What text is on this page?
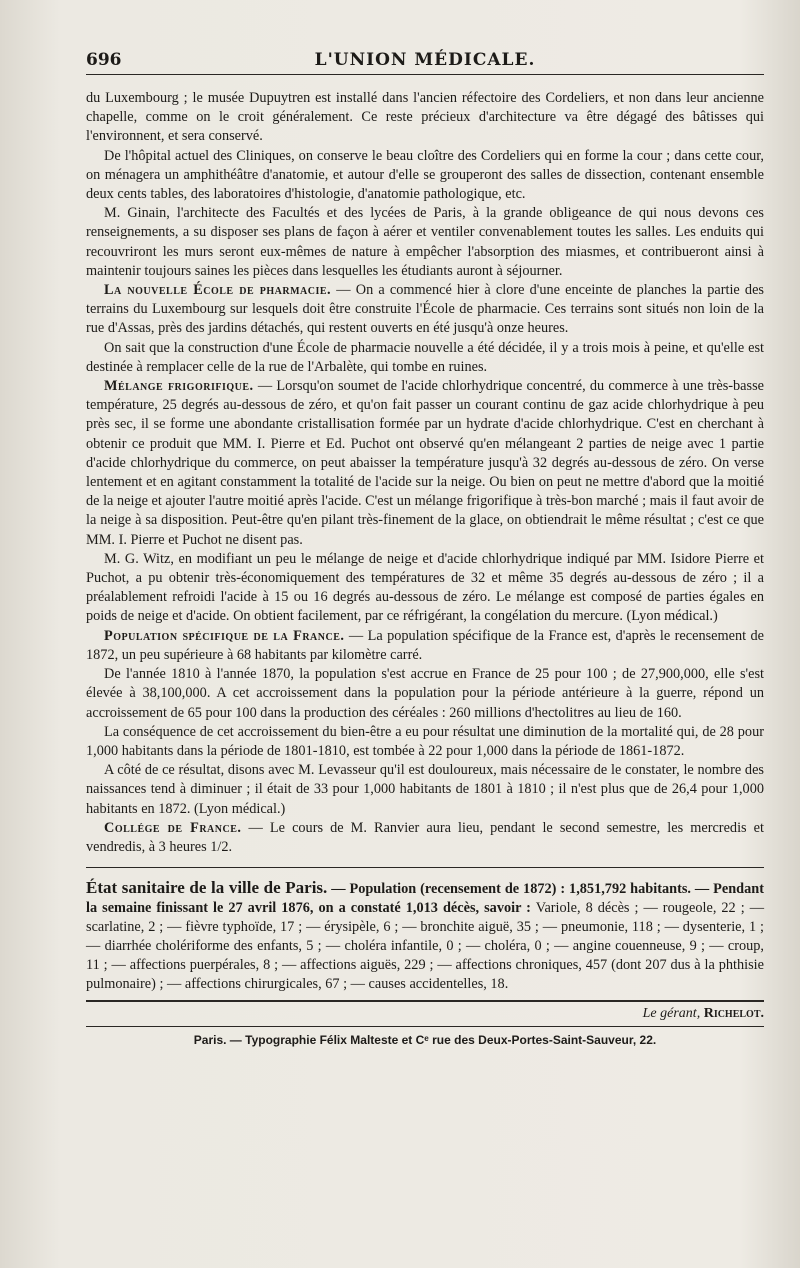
696	L'UNION MÉDICALE.

du Luxembourg ; le musée Dupuytren est installé dans l'ancien réfectoire des Cordeliers, et non dans leur ancienne chapelle, comme on le croit généralement. Ce reste précieux d'architecture va être dégagé des bâtisses qui l'environnent, et sera conservé.

De l'hôpital actuel des Cliniques, on conserve le beau cloître des Cordeliers qui en forme la cour ; dans cette cour, on ménagera un amphithéâtre d'anatomie, et autour d'elle se grouperont des salles de dissection, contenant ensemble deux cents tables, des laboratoires d'histologie, d'anatomie pathologique, etc.

M. Ginain, l'architecte des Facultés et des lycées de Paris, à la grande obligeance de qui nous devons ces renseignements, a su disposer ses plans de façon à aérer et ventiler convenablement toutes les salles. Les enduits qui recouvriront les murs seront eux-mêmes de nature à empêcher l'absorption des miasmes, et contribueront ainsi à maintenir toujours saines les pièces dans lesquelles les étudiants auront à séjourner.

La nouvelle École de pharmacie. — On a commencé hier à clore d'une enceinte de planches la partie des terrains du Luxembourg sur lesquels doit être construite l'École de pharmacie. Ces terrains sont situés non loin de la rue d'Assas, près des jardins détachés, qui restent ouverts en été jusqu'à onze heures.

On sait que la construction d'une École de pharmacie nouvelle a été décidée, il y a trois mois à peine, et qu'elle est destinée à remplacer celle de la rue de l'Arbalète, qui tombe en ruines.

Mélange frigorifique. — Lorsqu'on soumet de l'acide chlorhydrique concentré, du commerce à une très-basse température, 25 degrés au-dessous de zéro, et qu'on fait passer un courant continu de gaz acide chlorhydrique à peu près sec, il se forme une abondante cristallisation formée par un hydrate d'acide chlorhydrique. C'est en cherchant à obtenir ce produit que MM. I. Pierre et Ed. Puchot ont observé qu'en mélangeant 2 parties de neige avec 1 partie d'acide chlorhydrique du commerce, on peut abaisser la température jusqu'à 32 degrés au-dessous de zéro. On verse lentement et en agitant constamment la totalité de l'acide sur la neige. Ou bien on peut ne mettre d'abord que la moitié de la neige et ajouter l'autre moitié après l'acide. C'est un mélange frigorifique à très-bon marché ; mais il faut avoir de la neige à sa disposition. Peut-être qu'en pilant très-finement de la glace, on obtiendrait le même résultat ; c'est ce que MM. I. Pierre et Puchot ne disent pas.

M. G. Witz, en modifiant un peu le mélange de neige et d'acide chlorhydrique indiqué par MM. Isidore Pierre et Puchot, a pu obtenir très-économiquement des températures de 32 et même 35 degrés au-dessous de zéro ; il a préalablement refroidi l'acide à 15 ou 16 degrés au-dessous de zéro. Le mélange est composé de parties égales en poids de neige et d'acide. On obtient facilement, par ce réfrigérant, la congélation du mercure. (Lyon médical.)

Population spécifique de la France. — La population spécifique de la France est, d'après le recensement de 1872, un peu supérieure à 68 habitants par kilomètre carré.

De l'année 1810 à l'année 1870, la population s'est accrue en France de 25 pour 100 ; de 27,900,000, elle s'est élevée à 38,100,000. A cet accroissement dans la population pour la période antérieure à la guerre, répond un accroissement de 65 pour 100 dans la production des céréales : 260 millions d'hectolitres au lieu de 160.

La conséquence de cet accroissement du bien-être a eu pour résultat une diminution de la mortalité qui, de 28 pour 1,000 habitants dans la période de 1801-1810, est tombée à 22 pour 1,000 dans la période de 1861-1872.

A côté de ce résultat, disons avec M. Levasseur qu'il est douloureux, mais nécessaire de le constater, le nombre des naissances tend à diminuer ; il était de 33 pour 1,000 habitants de 1801 à 1810 ; il n'est plus que de 26,4 pour 1,000 habitants en 1872. (Lyon médical.)

Collége de France. — Le cours de M. Ranvier aura lieu, pendant le second semestre, les mercredis et vendredis, à 3 heures 1/2.

État sanitaire de la ville de Paris. — Population (recensement de 1872) : 1,851,792 habitants. — Pendant la semaine finissant le 27 avril 1876, on a constaté 1,013 décès, savoir : Variole, 8 décès ; — rougeole, 22 ; — scarlatine, 2 ; — fièvre typhoïde, 17 ; — érysipèle, 6 ; — bronchite aiguë, 35 ; — pneumonie, 118 ; — dysenterie, 1 ; — diarrhée cholériforme des enfants, 5 ; — choléra infantile, 0 ; — choléra, 0 ; — angine couenneuse, 9 ; — croup, 11 ; — affections puerpérales, 8 ; — affections aiguës, 229 ; — affections chroniques, 457 (dont 207 dus à la phthisie pulmonaire) ; — affections chirurgicales, 67 ; — causes accidentelles, 18.
Le gérant, Richelot.
Paris. — Typographie Félix Malteste et Cᵉ rue des Deux-Portes-Saint-Sauveur, 22.
